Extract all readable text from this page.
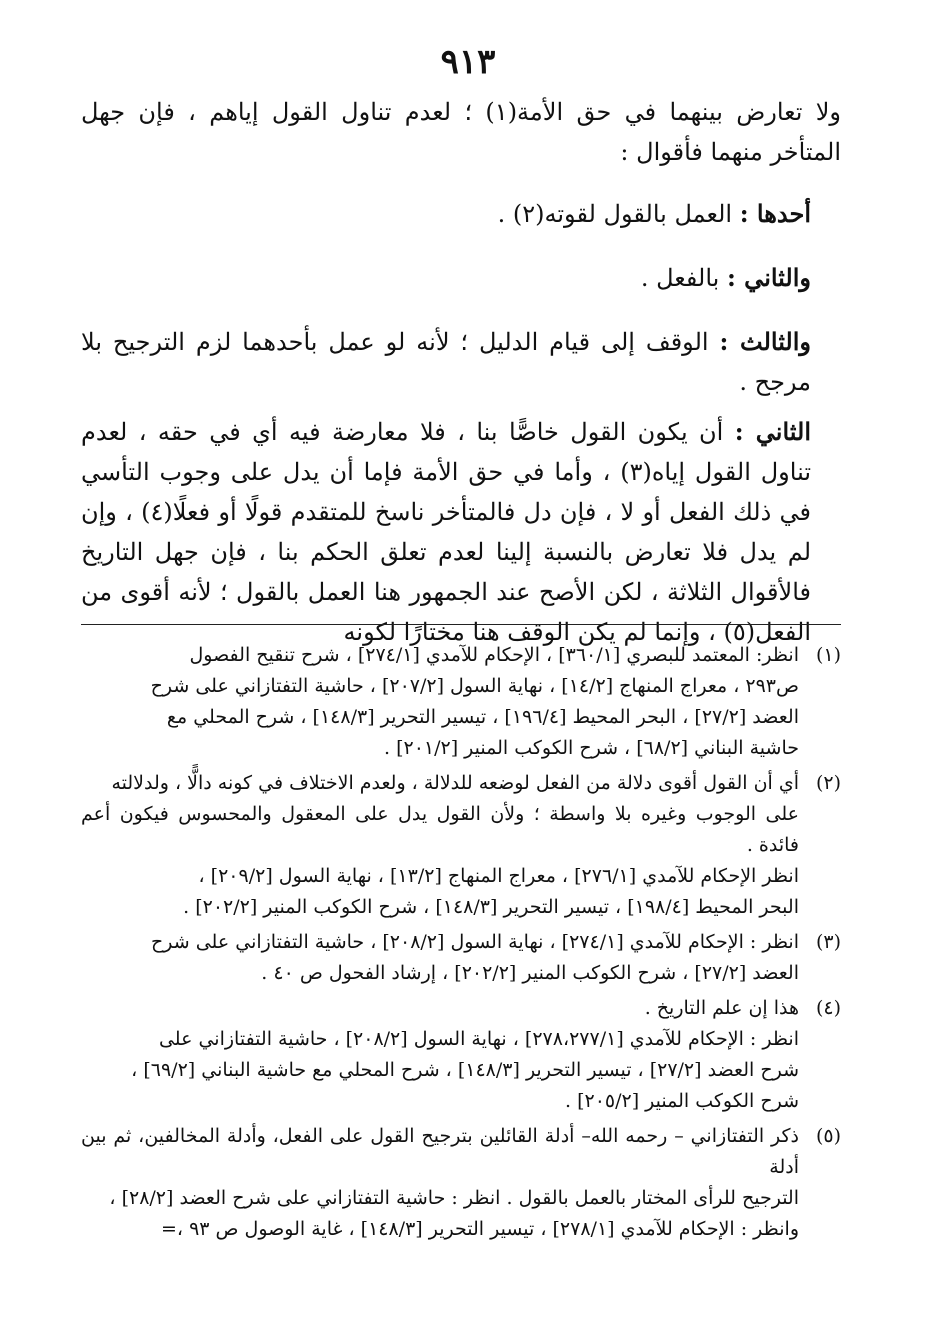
٩١٣

ولا تعارض بينهما في حق الأمة(١) ؛ لعدم تناول القول إياهم ، فإن جهل المتأخر منهما فأقوال :

أحدها : العمل بالقول لقوته(٢) .

والثاني : بالفعل .

والثالث : الوقف إلى قيام الدليل ؛ لأنه لو عمل بأحدهما لزم الترجيح بلا مرجح .

الثاني : أن يكون القول خاصًّا بنا ، فلا معارضة فيه أي في حقه ، لعدم تناول القول إياه(٣) ، وأما في حق الأمة فإما أن يدل على وجوب التأسي في ذلك الفعل أو لا ، فإن دل فالمتأخر ناسخ للمتقدم قولًا أو فعلًا(٤) ، وإن لم يدل فلا تعارض بالنسبة إلينا لعدم تعلق الحكم بنا ، فإن جهل التاريخ فالأقوال الثلاثة ، لكن الأصح عند الجمهور هنا العمل بالقول ؛ لأنه أقوى من الفعل(٥) ، وإنما لم يكن الوقف هنا مختارًا لكونه

(١)

انظر: المعتمد للبصري [٣٦٠/١] ، الإحكام للآمدي [٢٧٤/١] ، شرح تنقيح الفصول

ص٢٩٣ ، معراج المنهاج [١٤/٢] ، نهاية السول [٢٠٧/٢] ، حاشية التفتازاني على شرح

العضد [٢٧/٢] ، البحر المحيط [١٩٦/٤] ، تيسير التحرير [١٤٨/٣] ، شرح المحلي مع

حاشية البناني [٦٨/٢] ، شرح الكوكب المنير [٢٠١/٢] .

(٢)

أي أن القول أقوى دلالة من الفعل لوضعه للدلالة ، ولعدم الاختلاف في كونه دالًّا ، ولدلالته

على الوجوب وغيره بلا واسطة ؛ ولأن القول يدل على المعقول والمحسوس فيكون أعم فائدة .

انظر الإحكام للآمدي [٢٧٦/١] ، معراج المنهاج [١٣/٢] ، نهاية السول [٢٠٩/٢] ،

البحر المحيط [١٩٨/٤] ، تيسير التحرير [١٤٨/٣] ، شرح الكوكب المنير [٢٠٢/٢] .

(٣)

انظر : الإحكام للآمدي [٢٧٤/١] ، نهاية السول [٢٠٨/٢] ، حاشية التفتازاني على شرح

العضد [٢٧/٢] ، شرح الكوكب المنير [٢٠٢/٢] ، إرشاد الفحول ص ٤٠ .

(٤)

هذا إن علم التاريخ .

انظر : الإحكام للآمدي [٢٧٨،٢٧٧/١] ، نهاية السول [٢٠٨/٢] ، حاشية التفتازاني على

شرح العضد [٢٧/٢] ، تيسير التحرير [١٤٨/٣] ، شرح المحلي مع حاشية البناني [٦٩/٢] ،

شرح الكوكب المنير [٢٠٥/٢] .

(٥)

ذكر التفتازاني – رحمه الله– أدلة القائلين بترجيح القول على الفعل، وأدلة المخالفين، ثم بين أدلة

الترجيح للرأى المختار بالعمل بالقول . انظر : حاشية التفتازاني على شرح العضد [٢٨/٢] ،

وانظر : الإحكام للآمدي [٢٧٨/١] ، تيسير التحرير [١٤٨/٣] ، غاية الوصول ص ٩٣ ،=
